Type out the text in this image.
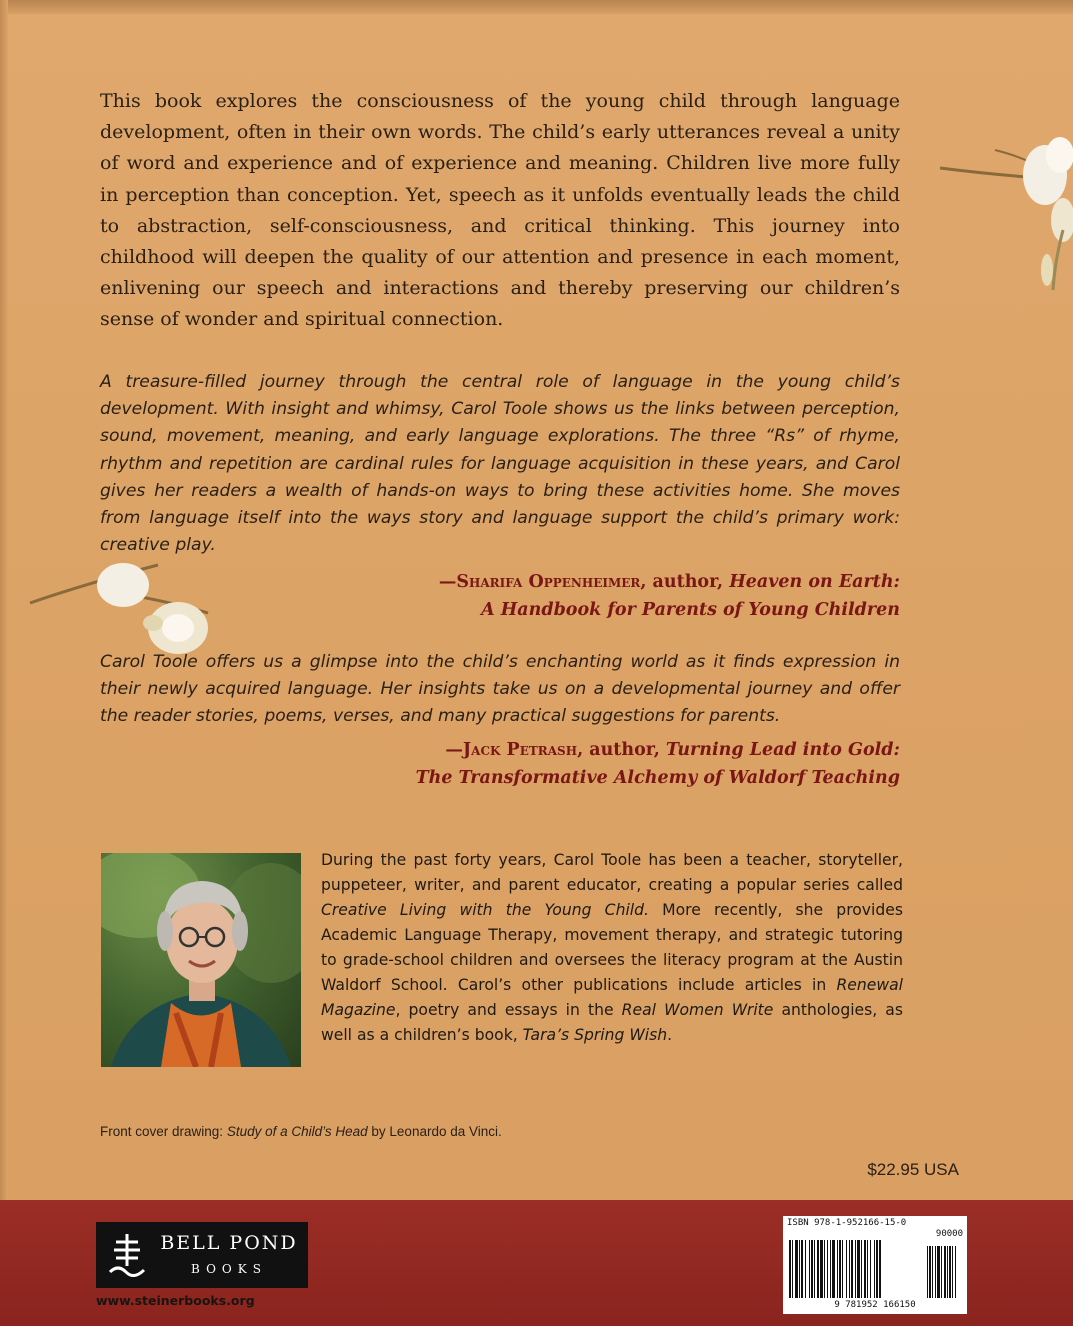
This book explores the consciousness of the young child through language development, often in their own words. The child’s early utterances reveal a unity of word and experience and of experience and meaning. Children live more fully in perception than conception. Yet, speech as it unfolds eventually leads the child to abstraction, self-consciousness, and critical thinking. This journey into childhood will deepen the quality of our attention and presence in each moment, enlivening our speech and interactions and thereby preserving our children’s sense of wonder and spiritual connection.

A treasure-filled journey through the central role of language in the young child’s development. With insight and whimsy, Carol Toole shows us the links between perception, sound, movement, meaning, and early language explorations. The three “Rs” of rhyme, rhythm and repetition are cardinal rules for language acquisition in these years, and Carol gives her readers a wealth of hands-on ways to bring these activities home. She moves from language itself into the ways story and language support the child’s primary work: creative play.

—Sharifa Oppenheimer, author, Heaven on Earth:
A Handbook for Parents of Young Children

Carol Toole offers us a glimpse into the child’s enchanting world as it finds expression in their newly acquired language. Her insights take us on a developmental journey and offer the reader stories, poems, verses, and many practical suggestions for parents.

—Jack Petrash, author, Turning Lead into Gold:
The Transformative Alchemy of Waldorf Teaching

During the past forty years, Carol Toole has been a teacher, storyteller, puppeteer, writer, and parent educator, creating a popular series called Creative Living with the Young Child. More recently, she provides Academic Language Therapy, movement therapy, and strategic tutoring to grade-school children and oversees the literacy program at the Austin Waldorf School. Carol’s other publications include articles in Renewal Magazine, poetry and essays in the Real Women Write anthologies, as well as a children’s book, Tara’s Spring Wish.

Front cover drawing: Study of a Child’s Head by Leonardo da Vinci.

$22.95 USA

BELL POND
BOOKS

www.steinerbooks.org

ISBN 978-1-952166-15-0
90000
9 781952 166150
